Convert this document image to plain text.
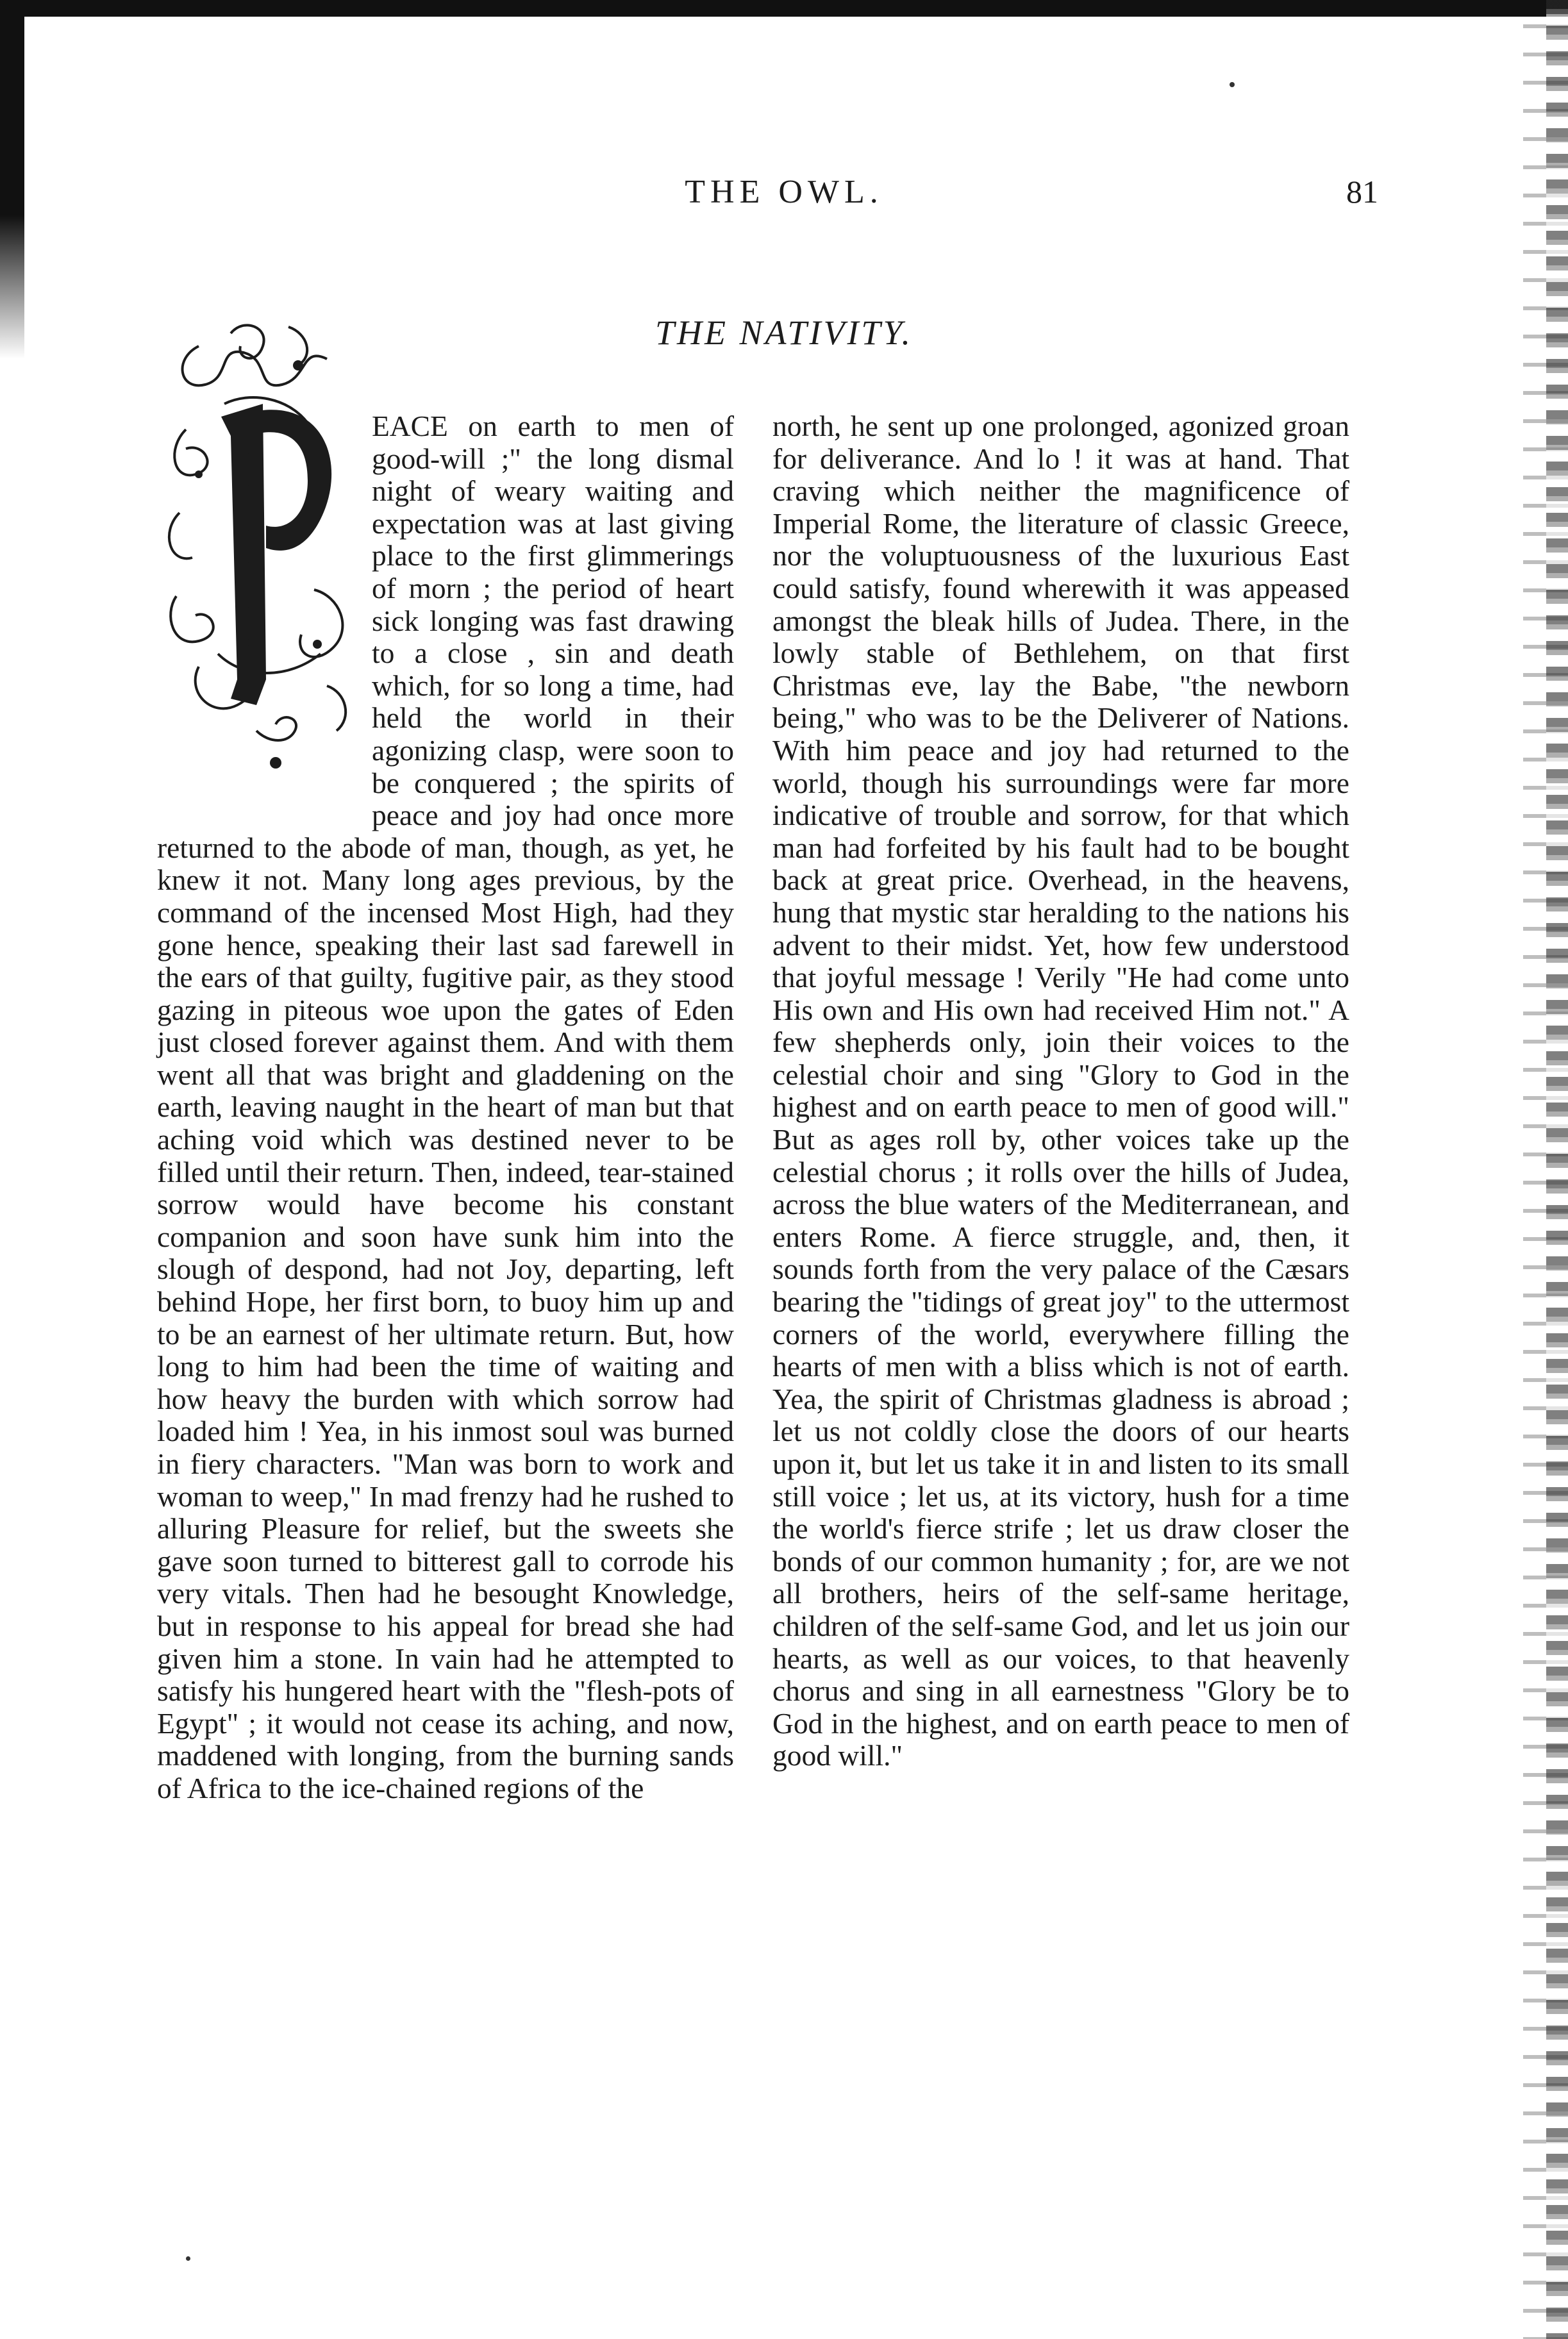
THE OWL.	81
THE NATIVITY.

EACE on earth to men of good-will ;" the long dismal night of weary waiting and expectation was at last giving place to the first glimmerings of morn ; the period of heart sick longing was fast drawing to a close , sin and death which, for so long a time, had held the world in their agonizing clasp, were soon to be conquered ; the spirits of peace and joy had once more returned to the abode of man, though, as yet, he knew it not. Many long ages previous, by the command of the incensed Most High, had they gone hence, speaking their last sad farewell in the ears of that guilty, fugitive pair, as they stood gazing in piteous woe upon the gates of Eden just closed forever against them. And with them went all that was bright and gladdening on the earth, leaving naught in the heart of man but that aching void which was destined never to be filled until their return. Then, indeed, tear-stained sorrow would have become his constant companion and soon have sunk him into the slough of despond, had not Joy, departing, left behind Hope, her first born, to buoy him up and to be an earnest of her ultimate return. But, how long to him had been the time of waiting and how heavy the burden with which sorrow had loaded him ! Yea, in his inmost soul was burned in fiery characters. "Man was born to work and woman to weep," In mad frenzy had he rushed to alluring Pleasure for relief, but the sweets she gave soon turned to bitterest gall to corrode his very vitals. Then had he besought Knowledge, but in response to his appeal for bread she had given him a stone. In vain had he attempted to satisfy his hungered heart with the "flesh-pots of Egypt" ; it would not cease its aching, and now, maddened with longing, from the burning sands of Africa to the ice-chained regions of the

north, he sent up one prolonged, agonized groan for deliverance. And lo ! it was at hand. That craving which neither the magnificence of Imperial Rome, the literature of classic Greece, nor the voluptuousness of the luxurious East could satisfy, found wherewith it was appeased amongst the bleak hills of Judea. There, in the lowly stable of Bethlehem, on that first Christmas eve, lay the Babe, "the newborn being," who was to be the Deliverer of Nations. With him peace and joy had returned to the world, though his surroundings were far more indicative of trouble and sorrow, for that which man had forfeited by his fault had to be bought back at great price. Overhead, in the heavens, hung that mystic star heralding to the nations his advent to their midst. Yet, how few understood that joyful message ! Verily "He had come unto His own and His own had received Him not." A few shepherds only, join their voices to the celestial choir and sing "Glory to God in the highest and on earth peace to men of good will." But as ages roll by, other voices take up the celestial chorus ; it rolls over the hills of Judea, across the blue waters of the Mediterranean, and enters Rome. A fierce struggle, and, then, it sounds forth from the very palace of the Cæsars bearing the "tidings of great joy" to the uttermost corners of the world, everywhere filling the hearts of men with a bliss which is not of earth. Yea, the spirit of Christmas gladness is abroad ; let us not coldly close the doors of our hearts upon it, but let us take it in and listen to its small still voice ; let us, at its victory, hush for a time the world's fierce strife ; let us draw closer the bonds of our common humanity ; for, are we not all brothers, heirs of the self-same heritage, children of the self-same God, and let us join our hearts, as well as our voices, to that heavenly chorus and sing in all earnestness "Glory be to God in the highest, and on earth peace to men of good will."
